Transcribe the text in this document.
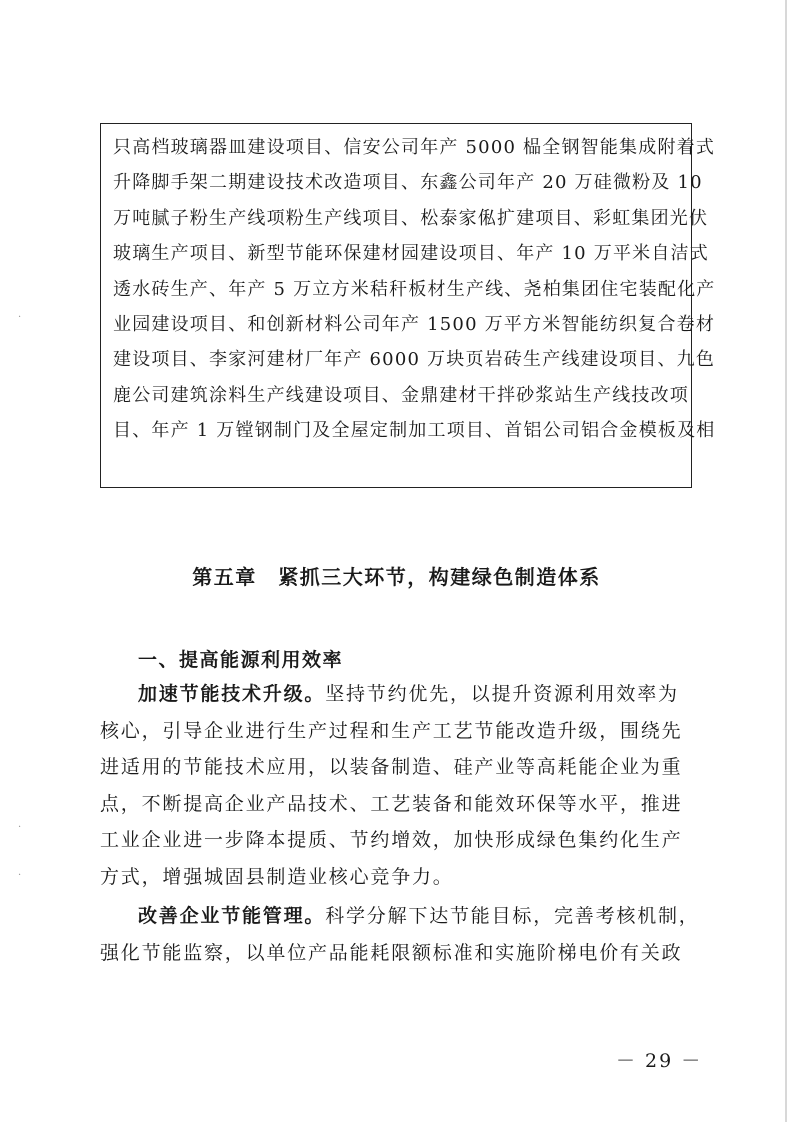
·
·
·
只高档玻璃器皿建设项目、信安公司年产 5000 榀全钢智能集成附着式
升降脚手架二期建设技术改造项目、东鑫公司年产 20 万硅微粉及 10
万吨腻子粉生产线项粉生产线项目、松泰家俬扩建项目、彩虹集团光伏
玻璃生产项目、新型节能环保建材园建设项目、年产 10 万平米自洁式
透水砖生产、年产 5 万立方米秸秆板材生产线、尧柏集团住宅装配化产
业园建设项目、和创新材料公司年产 1500 万平方米智能纺织复合卷材
建设项目、李家河建材厂年产 6000 万块页岩砖生产线建设项目、九色
鹿公司建筑涂料生产线建设项目、金鼎建材干拌砂浆站生产线技改项
目、年产 1 万镗钢制门及全屋定制加工项目、首铝公司铝合金模板及相
第五章　紧抓三大环节，构建绿色制造体系
一、提高能源利用效率
加速节能技术升级。坚持节约优先，以提升资源利用效率为
核心，引导企业进行生产过程和生产工艺节能改造升级，围绕先
进适用的节能技术应用，以装备制造、硅产业等高耗能企业为重
点，不断提高企业产品技术、工艺装备和能效环保等水平，推进
工业企业进一步降本提质、节约增效，加快形成绿色集约化生产
方式，增强城固县制造业核心竞争力。
改善企业节能管理。科学分解下达节能目标，完善考核机制，
强化节能监察，以单位产品能耗限额标准和实施阶梯电价有关政
－ 29 －
